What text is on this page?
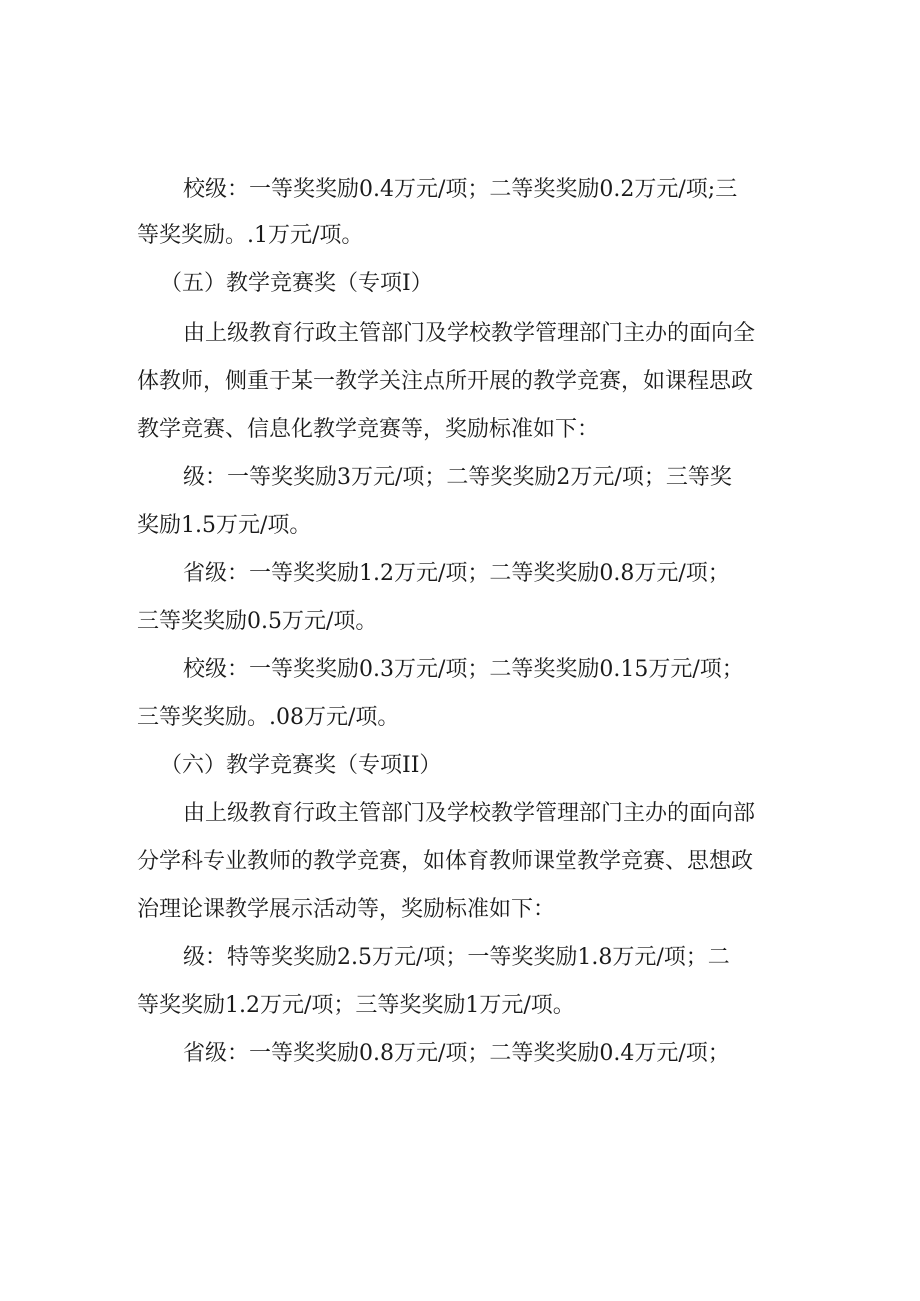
校级：一等奖奖励0.4万元/项；二等奖奖励0.2万元/项;三
等奖奖励。.1万元/项。
（五）教学竞赛奖（专项I）
由上级教育行政主管部门及学校教学管理部门主办的面向全
体教师，侧重于某一教学关注点所开展的教学竞赛，如课程思政
教学竞赛、信息化教学竞赛等，奖励标准如下：
级：一等奖奖励3万元/项；二等奖奖励2万元/项；三等奖
奖励1.5万元/项。
省级：一等奖奖励1.2万元/项；二等奖奖励0.8万元/项；
三等奖奖励0.5万元/项。
校级：一等奖奖励0.3万元/项；二等奖奖励0.15万元/项；
三等奖奖励。.08万元/项。
（六）教学竞赛奖（专项II）
由上级教育行政主管部门及学校教学管理部门主办的面向部
分学科专业教师的教学竞赛，如体育教师课堂教学竞赛、思想政
治理论课教学展示活动等，奖励标准如下：
级：特等奖奖励2.5万元/项；一等奖奖励1.8万元/项；二
等奖奖励1.2万元/项；三等奖奖励1万元/项。
省级：一等奖奖励0.8万元/项；二等奖奖励0.4万元/项；
